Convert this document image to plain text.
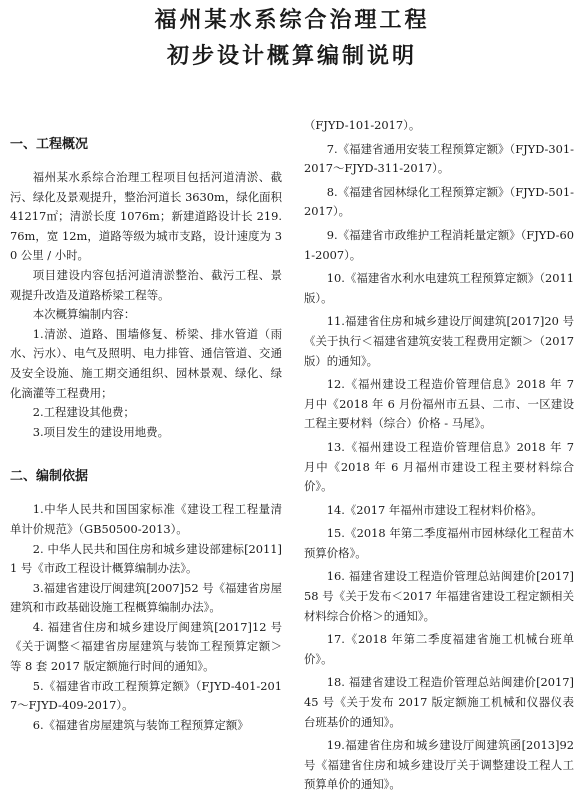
福州某水系综合治理工程
初步设计概算编制说明
一、工程概况
福州某水系综合治理工程项目包括河道清淤、截污、绿化及景观提升，整治河道长 3630m，绿化面积 41217㎡；清淤长度 1076m；新建道路设计长 219.76m，宽 12m，道路等级为城市支路，设计速度为 30 公里 / 小时。
项目建设内容包括河道清淤整治、截污工程、景观提升改造及道路桥梁工程等。
本次概算编制内容：
1.清淤、道路、围墙修复、桥梁、排水管道（雨水、污水）、电气及照明、电力排管、通信管道、交通及安全设施、施工期交通组织、园林景观、绿化、绿化滴灌等工程费用；
2.工程建设其他费；
3.项目发生的建设用地费。
二、编制依据
1.中华人民共和国国家标准《建设工程工程量清单计价规范》（GB50500-2013）。
2. 中华人民共和国住房和城乡建设部建标[2011]1 号《市政工程设计概算编制办法》。
3.福建省建设厅闽建筑[2007]52 号《福建省房屋建筑和市政基础设施工程概算编制办法》。
4. 福建省住房和城乡建设厅闽建筑[2017]12 号《关于调整＜福建省房屋建筑与装饰工程预算定额＞等 8 套 2017 版定额施行时间的通知》。
5.《福建省市政工程预算定额》（FJYD-401-2017～FJYD-409-2017）。
6.《福建省房屋建筑与装饰工程预算定额》
（FJYD-101-2017）。
7.《福建省通用安装工程预算定额》（FJYD-301-2017～FJYD-311-2017）。
8.《福建省园林绿化工程预算定额》（FJYD-501-2017）。
9.《福建省市政维护工程消耗量定额》（FJYD-601-2007）。
10.《福建省水利水电建筑工程预算定额》（2011 版）。
11.福建省住房和城乡建设厅闽建筑[2017]20 号《关于执行＜福建省建筑安装工程费用定额＞（2017 版）的通知》。
12.《福州建设工程造价管理信息》2018 年 7 月中《2018 年 6 月份福州市五县、二市、一区建设工程主要材料（综合）价格 - 马尾》。
13.《福州建设工程造价管理信息》2018 年 7 月中《2018 年 6 月福州市建设工程主要材料综合价》。
14.《2017 年福州市建设工程材料价格》。
15.《2018 年第二季度福州市园林绿化工程苗木预算价格》。
16. 福建省建设工程造价管理总站闽建价[2017]58 号《关于发布＜2017 年福建省建设工程定额相关材料综合价格＞的通知》。
17.《2018 年第二季度福建省施工机械台班单价》。
18. 福建省建设工程造价管理总站闽建价[2017]45 号《关于发布 2017 版定额施工机械和仪器仪表台班基价的通知》。
19.福建省住房和城乡建设厅闽建筑函[2013]92 号《福建省住房和城乡建设厅关于调整建设工程人工预算单价的通知》。
